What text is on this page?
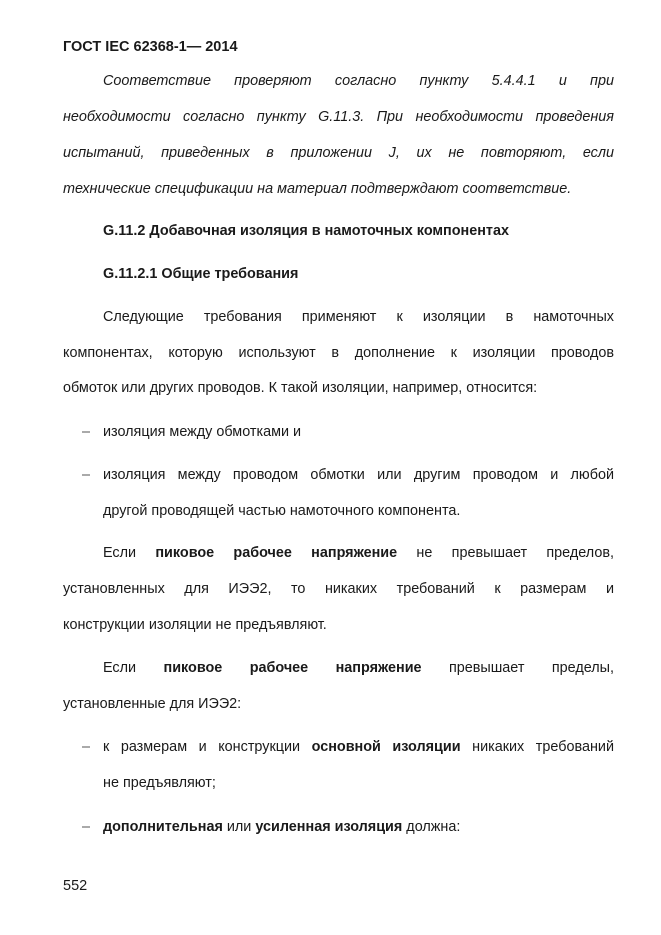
ГОСТ IEC 62368-1— 2014
Соответствие проверяют согласно пункту 5.4.4.1 и при
необходимости согласно пункту G.11.3. При необходимости проведения
испытаний, приведенных в приложении J, их не повторяют, если
технические спецификации на материал подтверждают соответствие.
G.11.2 Добавочная изоляция в намоточных компонентах
G.11.2.1 Общие требования
Следующие требования применяют к изоляции в намоточных
компонентах, которую используют в дополнение к изоляции проводов
обмоток или других проводов. К такой изоляции, например, относится:
– изоляция между обмотками и
– изоляция между проводом обмотки или другим проводом и любой
другой проводящей частью намоточного компонента.
Если пиковое рабочее напряжение не превышает пределов,
установленных для ИЭЭ2, то никаких требований к размерам и
конструкции изоляции не предъявляют.
Если пиковое рабочее напряжение превышает пределы,
установленные для ИЭЭ2:
– к размерам и конструкции основной изоляции никаких требований
не предъявляют;
– дополнительная или усиленная изоляция должна:
552
